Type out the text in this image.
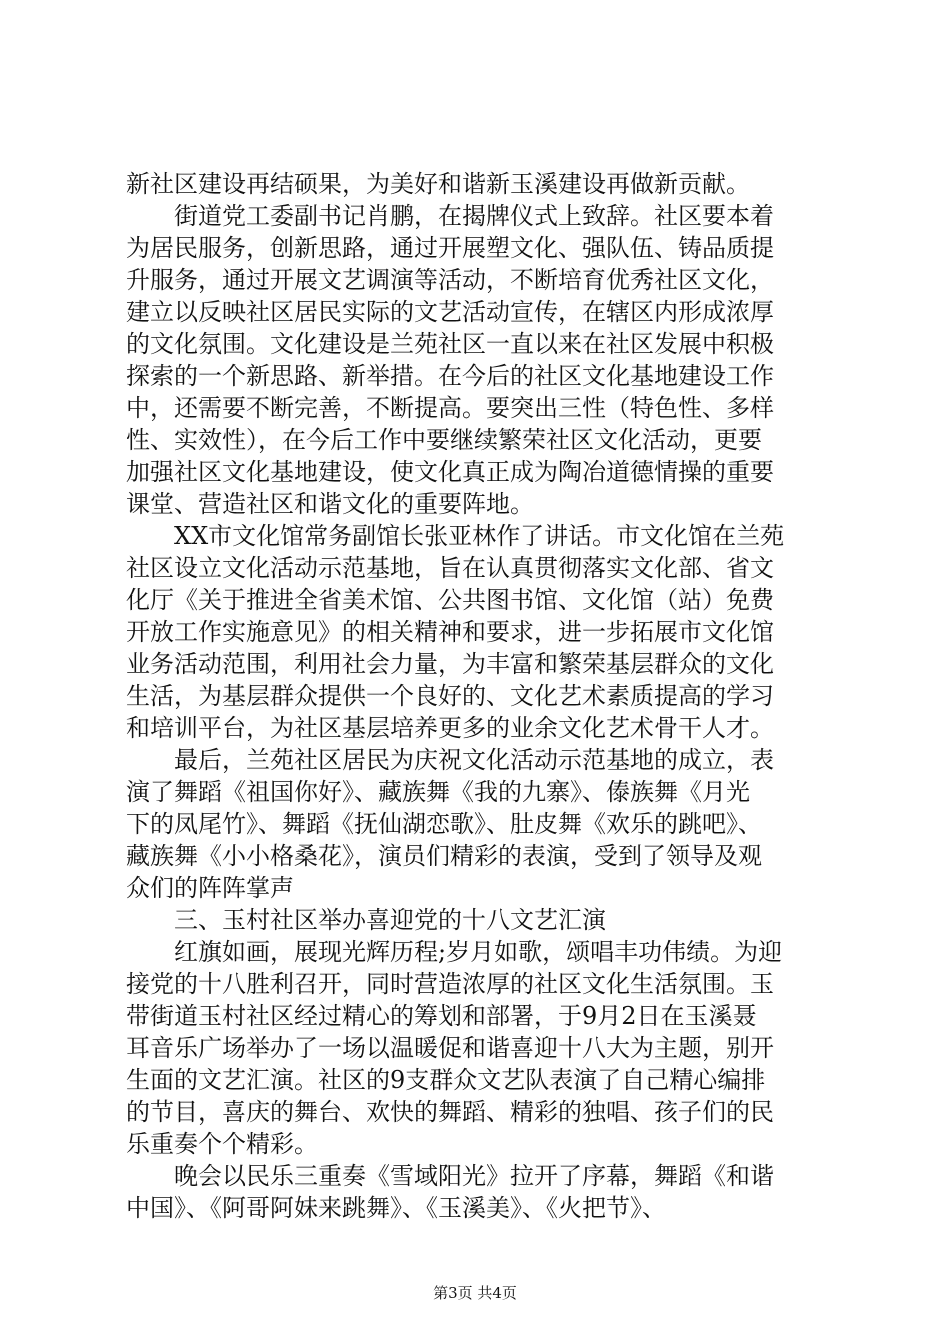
新社区建设再结硕果，为美好和谐新玉溪建设再做新贡献。
　　街道党工委副书记肖鹏，在揭牌仪式上致辞。社区要本着
为居民服务，创新思路，通过开展塑文化、强队伍、铸品质提
升服务，通过开展文艺调演等活动，不断培育优秀社区文化，
建立以反映社区居民实际的文艺活动宣传，在辖区内形成浓厚
的文化氛围。文化建设是兰苑社区一直以来在社区发展中积极
探索的一个新思路、新举措。在今后的社区文化基地建设工作
中，还需要不断完善，不断提高。要突出三性（特色性、多样
性、实效性），在今后工作中要继续繁荣社区文化活动，更要
加强社区文化基地建设，使文化真正成为陶冶道德情操的重要
课堂、营造社区和谐文化的重要阵地。
　　XX市文化馆常务副馆长张亚林作了讲话。市文化馆在兰苑
社区设立文化活动示范基地，旨在认真贯彻落实文化部、省文
化厅《关于推进全省美术馆、公共图书馆、文化馆（站）免费
开放工作实施意见》的相关精神和要求，进一步拓展市文化馆
业务活动范围，利用社会力量，为丰富和繁荣基层群众的文化
生活，为基层群众提供一个良好的、文化艺术素质提高的学习
和培训平台，为社区基层培养更多的业余文化艺术骨干人才。
　　最后，兰苑社区居民为庆祝文化活动示范基地的成立，表
演了舞蹈《祖国你好》、藏族舞《我的九寨》、傣族舞《月光
下的凤尾竹》、舞蹈《抚仙湖恋歌》、肚皮舞《欢乐的跳吧》、
藏族舞《小小格桑花》，演员们精彩的表演，受到了领导及观
众们的阵阵掌声
　　三、玉村社区举办喜迎党的十八文艺汇演
　　红旗如画，展现光辉历程;岁月如歌，颂唱丰功伟绩。为迎
接党的十八胜利召开，同时营造浓厚的社区文化生活氛围。玉
带街道玉村社区经过精心的筹划和部署，于9月2日在玉溪聂
耳音乐广场举办了一场以温暖促和谐喜迎十八大为主题，别开
生面的文艺汇演。社区的9支群众文艺队表演了自己精心编排
的节目，喜庆的舞台、欢快的舞蹈、精彩的独唱、孩子们的民
乐重奏个个精彩。
　　晚会以民乐三重奏《雪域阳光》拉开了序幕，舞蹈《和谐
中国》、《阿哥阿妹来跳舞》、《玉溪美》、《火把节》、
第3页 共4页
